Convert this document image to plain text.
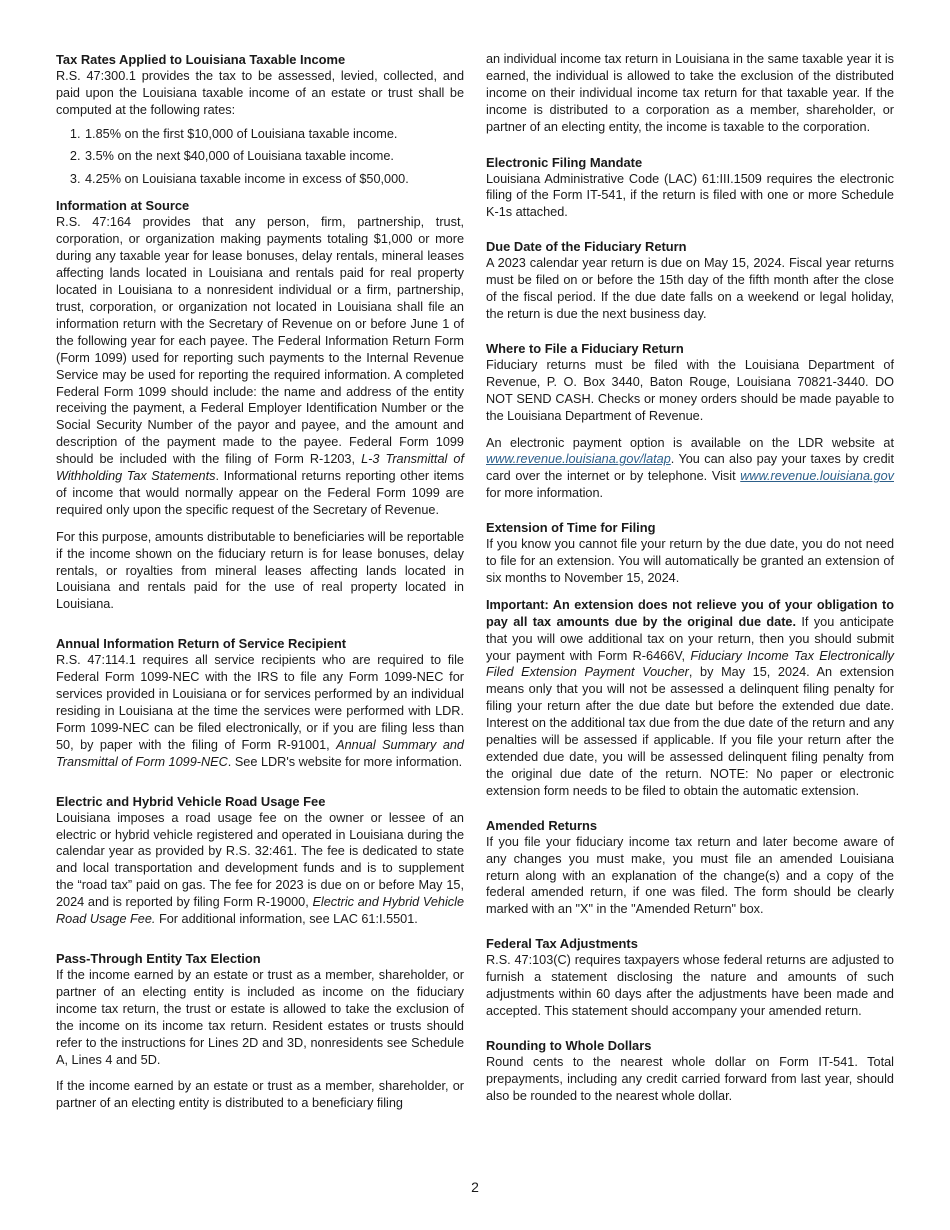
Tax Rates Applied to Louisiana Taxable Income

R.S. 47:300.1 provides the tax to be assessed, levied, collected, and paid upon the Louisiana taxable income of an estate or trust shall be computed at the following rates:

1. 1.85% on the first $10,000 of Louisiana taxable income.
2. 3.5% on the next $40,000 of Louisiana taxable income.
3. 4.25% on Louisiana taxable income in excess of $50,000.
Information at Source

R.S. 47:164 provides that any person, firm, partnership, trust, corporation, or organization making payments totaling $1,000 or more during any taxable year for lease bonuses, delay rentals, mineral leases affecting lands located in Louisiana and rentals paid for real property located in Louisiana to a nonresident individual or a firm, partnership, trust, corporation, or organization not located in Louisiana shall file an information return with the Secretary of Revenue on or before June 1 of the following year for each payee. The Federal Information Return Form (Form 1099) used for reporting such payments to the Internal Revenue Service may be used for reporting the required information. A completed Federal Form 1099 should include: the name and address of the entity receiving the payment, a Federal Employer Identification Number or the Social Security Number of the payor and payee, and the amount and description of the payment made to the payee. Federal Form 1099 should be included with the filing of Form R-1203, L-3 Transmittal of Withholding Tax Statements. Informational returns reporting other items of income that would normally appear on the Federal Form 1099 are required only upon the specific request of the Secretary of Revenue.

For this purpose, amounts distributable to beneficiaries will be reportable if the income shown on the fiduciary return is for lease bonuses, delay rentals, or royalties from mineral leases affecting lands located in Louisiana and rentals paid for the use of real property located in Louisiana.

Annual Information Return of Service Recipient

R.S. 47:114.1 requires all service recipients who are required to file Federal Form 1099-NEC with the IRS to file any Form 1099-NEC for services provided in Louisiana or for services performed by an individual residing in Louisiana at the time the services were performed with LDR. Form 1099-NEC can be filed electronically, or if you are filing less than 50, by paper with the filing of Form R-91001, Annual Summary and Transmittal of Form 1099-NEC. See LDR's website for more information.

Electric and Hybrid Vehicle Road Usage Fee

Louisiana imposes a road usage fee on the owner or lessee of an electric or hybrid vehicle registered and operated in Louisiana during the calendar year as provided by R.S. 32:461. The fee is dedicated to state and local transportation and development funds and is to supplement the “road tax” paid on gas. The fee for 2023 is due on or before May 15, 2024 and is reported by filing Form R-19000, Electric and Hybrid Vehicle Road Usage Fee. For additional information, see LAC 61:I.5501.

Pass-Through Entity Tax Election

If the income earned by an estate or trust as a member, shareholder, or partner of an electing entity is included as income on the fiduciary income tax return, the trust or estate is allowed to take the exclusion of the income on its income tax return. Resident estates or trusts should refer to the instructions for Lines 2D and 3D, nonresidents see Schedule A, Lines 4 and 5D.

If the income earned by an estate or trust as a member, shareholder, or partner of an electing entity is distributed to a beneficiary filing

an individual income tax return in Louisiana in the same taxable year it is earned, the individual is allowed to take the exclusion of the distributed income on their individual income tax return for that taxable year. If the income is distributed to a corporation as a member, shareholder, or partner of an electing entity, the income is taxable to the corporation.

Electronic Filing Mandate

Louisiana Administrative Code (LAC) 61:III.1509 requires the electronic filing of the Form IT-541, if the return is filed with one or more Schedule K-1s attached.

Due Date of the Fiduciary Return

A 2023 calendar year return is due on May 15, 2024. Fiscal year returns must be filed on or before the 15th day of the fifth month after the close of the fiscal period. If the due date falls on a weekend or legal holiday, the return is due the next business day.

Where to File a Fiduciary Return

Fiduciary returns must be filed with the Louisiana Department of Revenue, P. O. Box 3440, Baton Rouge, Louisiana 70821-3440. DO NOT SEND CASH. Checks or money orders should be made payable to the Louisiana Department of Revenue.

An electronic payment option is available on the LDR website at www.revenue.louisiana.gov/latap. You can also pay your taxes by credit card over the internet or by telephone. Visit www.revenue.louisiana.gov for more information.

Extension of Time for Filing

If you know you cannot file your return by the due date, you do not need to file for an extension. You will automatically be granted an extension of six months to November 15, 2024.

Important: An extension does not relieve you of your obligation to pay all tax amounts due by the original due date. If you anticipate that you will owe additional tax on your return, then you should submit your payment with Form R-6466V, Fiduciary Income Tax Electronically Filed Extension Payment Voucher, by May 15, 2024. An extension means only that you will not be assessed a delinquent filing penalty for filing your return after the due date but before the extended due date. Interest on the additional tax due from the due date of the return and any penalties will be assessed if applicable. If you file your return after the extended due date, you will be assessed delinquent filing penalty from the original due date of the return. NOTE: No paper or electronic extension form needs to be filed to obtain the automatic extension.

Amended Returns

If you file your fiduciary income tax return and later become aware of any changes you must make, you must file an amended Louisiana return along with an explanation of the change(s) and a copy of the federal amended return, if one was filed. The form should be clearly marked with an "X" in the "Amended Return" box.

Federal Tax Adjustments

R.S. 47:103(C) requires taxpayers whose federal returns are adjusted to furnish a statement disclosing the nature and amounts of such adjustments within 60 days after the adjustments have been made and accepted. This statement should accompany your amended return.

Rounding to Whole Dollars

Round cents to the nearest whole dollar on Form IT-541. Total prepayments, including any credit carried forward from last year, should also be rounded to the nearest whole dollar.

2
